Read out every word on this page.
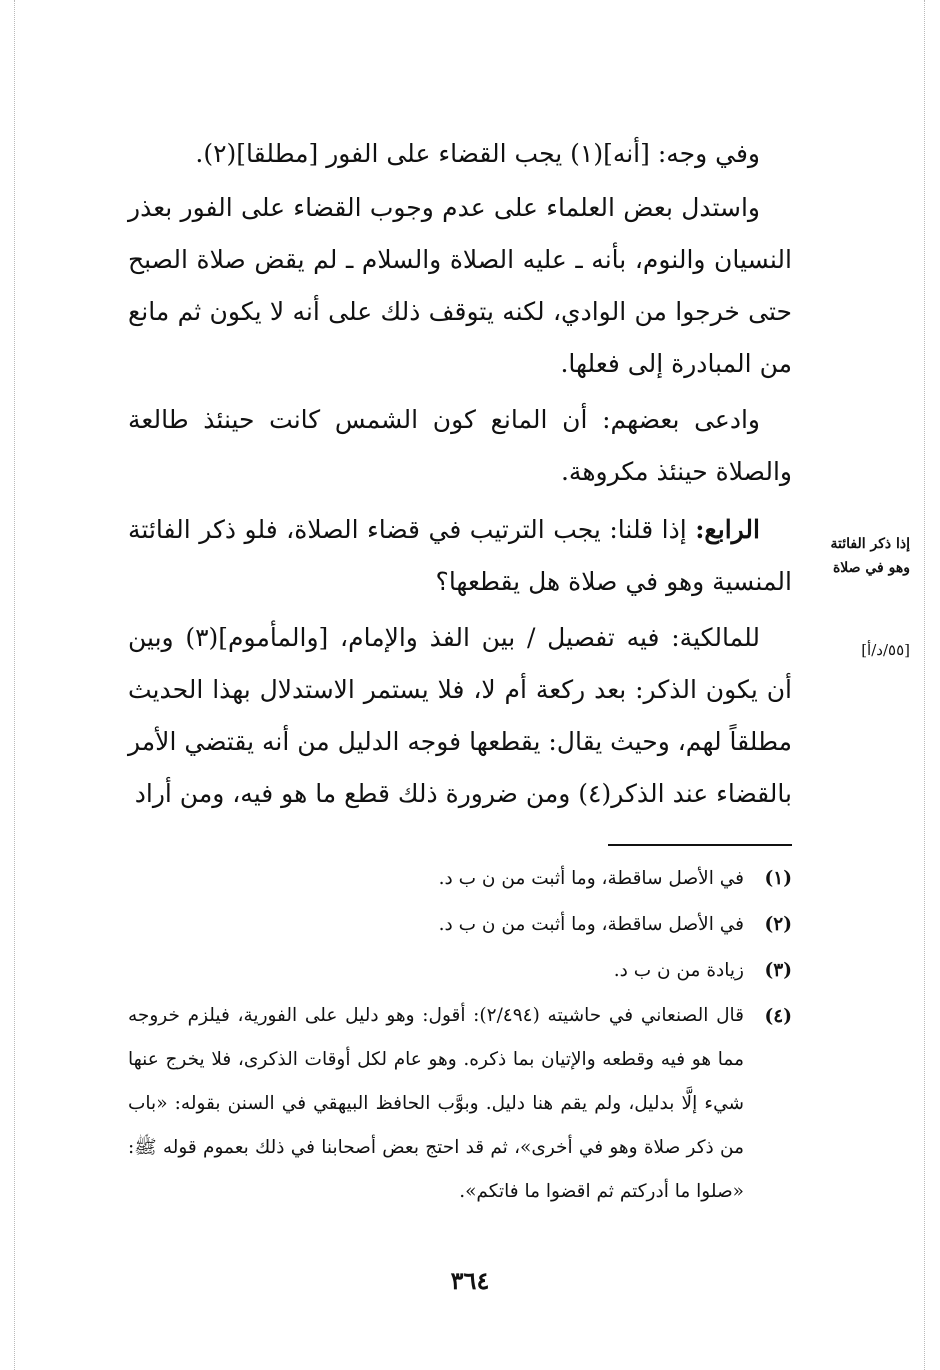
وفي وجه: [أنه](١) يجب القضاء على الفور [مطلقا](٢).

واستدل بعض العلماء على عدم وجوب القضاء على الفور بعذر النسيان والنوم، بأنه ـ عليه الصلاة والسلام ـ لم يقض صلاة الصبح حتى خرجوا من الوادي، لكنه يتوقف ذلك على أنه لا يكون ثم مانع من المبادرة إلى فعلها.

وادعى بعضهم: أن المانع كون الشمس كانت حينئذ طالعة والصلاة حينئذ مكروهة.

الرابع: إذا قلنا: يجب الترتيب في قضاء الصلاة، فلو ذكر الفائتة المنسية وهو في صلاة هل يقطعها؟

للمالكية: فيه تفصيل / بين الفذ والإمام، [والمأموم](٣) وبين أن يكون الذكر: بعد ركعة أم لا، فلا يستمر الاستدلال بهذا الحديث مطلقاً لهم، وحيث يقال: يقطعها فوجه الدليل من أنه يقتضي الأمر بالقضاء عند الذكر(٤) ومن ضرورة ذلك قطع ما هو فيه، ومن أراد

إذا ذكر الفائتة وهو في صلاة
[٥٥/د/أ]
(١)
في الأصل ساقطة، وما أثبت من ن ب د.
(٢)
في الأصل ساقطة، وما أثبت من ن ب د.
(٣)
زيادة من ن ب د.
(٤)
قال الصنعاني في حاشيته (٢/٤٩٤): أقول: وهو دليل على الفورية، فيلزم خروجه مما هو فيه وقطعه والإتيان بما ذكره. وهو عام لكل أوقات الذكرى، فلا يخرج عنها شيء إلَّا بدليل، ولم يقم هنا دليل. وبوَّب الحافظ البيهقي في السنن بقوله: «باب من ذكر صلاة وهو في أخرى»، ثم قد احتج بعض أصحابنا في ذلك بعموم قوله ﷺ: «صلوا ما أدركتم ثم اقضوا ما فاتكم».
٣٦٤
